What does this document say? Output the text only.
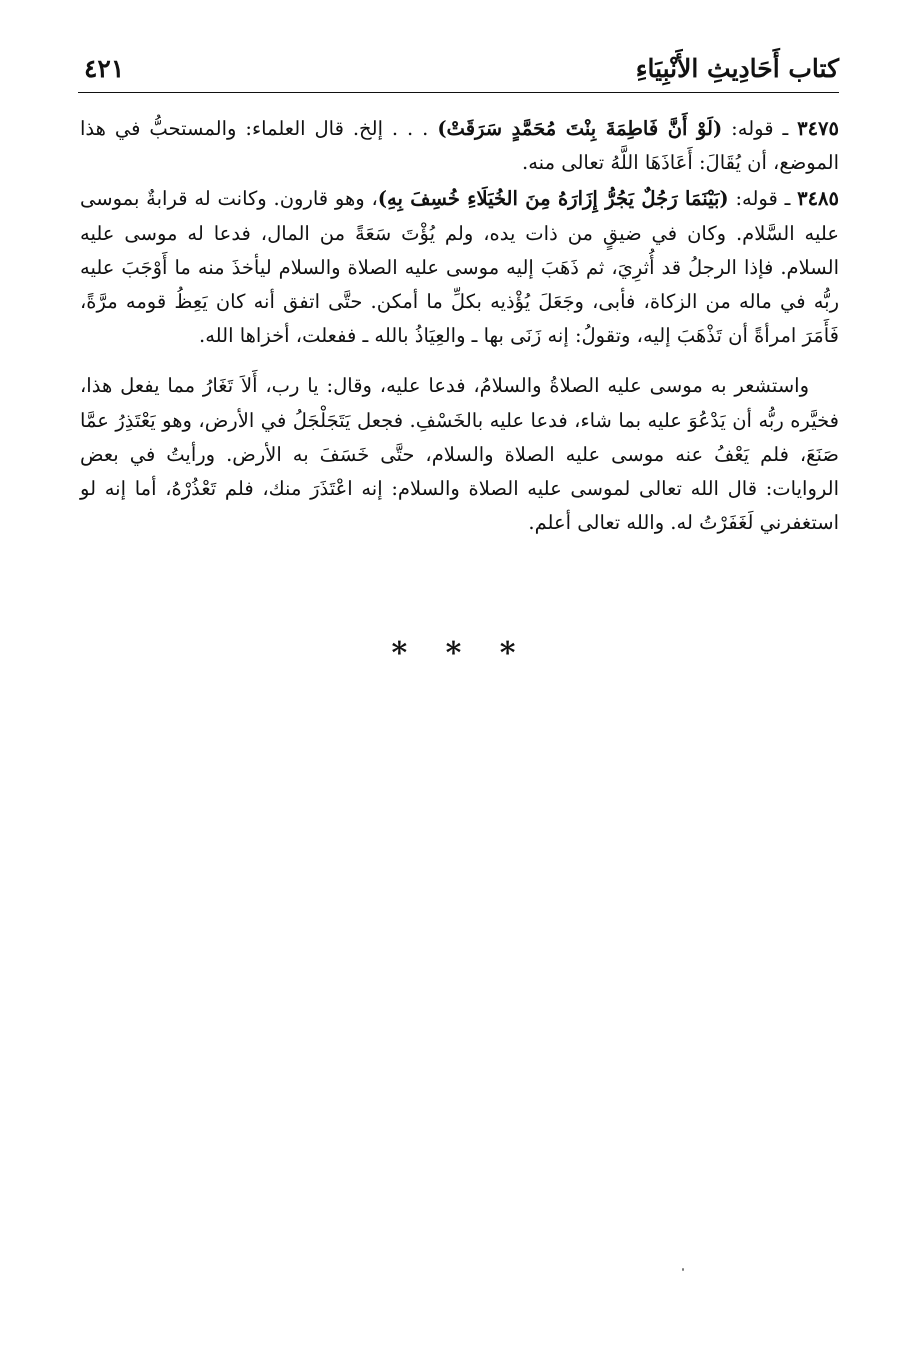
كتاب أَحَادِيثِ الأَنْبِيَاءِ
٤٢١

٣٤٧٥ ـ قوله: (لَوْ أَنَّ فَاطِمَةَ بِنْتَ مُحَمَّدٍ سَرَقَتْ) . . . إلخ. قال العلماء: والمستحبُّ في هذا الموضع، أن يُقَالَ: أَعَاذَهَا اللَّهُ تعالى منه.

٣٤٨٥ ـ قوله: (بَيْنَمَا رَجُلٌ يَجُرُّ إِزَارَهُ مِنَ الخُيَلَاءِ خُسِفَ بِهِ)، وهو قارون. وكانت له قرابةٌ بموسى عليه السَّلام. وكان في ضيقٍ من ذات يده، ولم يُؤْتَ سَعَةً من المال، فدعا له موسى عليه السلام. فإذا الرجلُ قد أُثرِيَ، ثم ذَهَبَ إليه موسى عليه الصلاة والسلام ليأخذَ منه ما أَوْجَبَ عليه ربُّه في ماله من الزكاة، فأبى، وجَعَلَ يُؤْذيه بكلِّ ما أمكن. حتَّى اتفق أنه كان يَعِظُ قومه مرَّةً، فَأَمَرَ امرأةً أن تَذْهَبَ إليه، وتقولُ: إنه زَنَى بها ـ والعِيَاذُ بالله ـ ففعلت، أخزاها الله.

واستشعر به موسى عليه الصلاةُ والسلامُ، فدعا عليه، وقال: يا رب، أَلاَ تَغَارُ مما يفعل هذا، فخيَّره ربُّه أن يَدْعُوَ عليه بما شاء، فدعا عليه بالخَسْفِ. فجعل يَتَجَلْجَلُ في الأرض، وهو يَعْتَذِرُ عمَّا صَنَعَ، فلم يَعْفُ عنه موسى عليه الصلاة والسلام، حتَّى خَسَفَ به الأرض. ورأيتُ في بعض الروايات: قال الله تعالى لموسى عليه الصلاة والسلام: إنه اعْتَذَرَ منك، فلم تَعْذُرْهُ، أما إنه لو استغفرني لَغَفَرْتُ له. والله تعالى أعلم.

* * *
